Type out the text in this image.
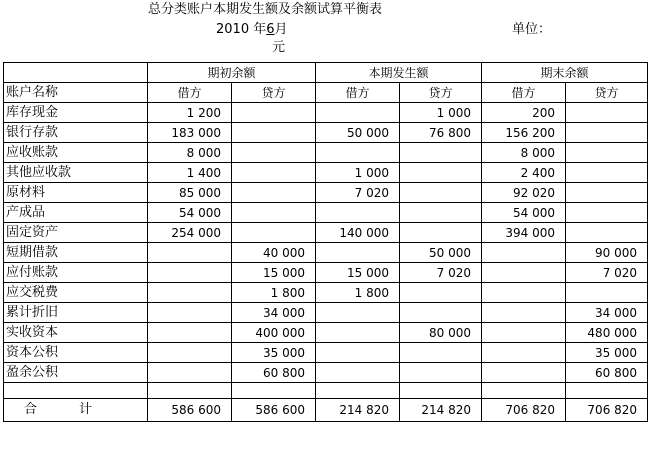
总分类账户本期发生额及余额试算平衡表
2010 年6月	单位：
元
	期初余额		本期发生额		期末余额	
账户名称	借方	贷方	借方	贷方	借方	贷方
库存现金	1 200			1 000	200	
银行存款	183 000		50 000	76 800	156 200	
应收账款	8 000				8 000	
其他应收款	1 400		1 000		2 400	
原材料	85 000		7 020		92 020	
产成品	54 000				54 000	
固定资产	254 000		140 000		394 000	
短期借款		40 000		50 000		90 000
应付账款		15 000	15 000	7 020		7 020
应交税费		1 800	1 800			
累计折旧		34 000				34 000
实收资本		400 000		80 000		480 000
资本公积		35 000				35 000
盈余公积		60 800				60 800

合 计	586 600	586 600	214 820	214 820	706 820	706 820
